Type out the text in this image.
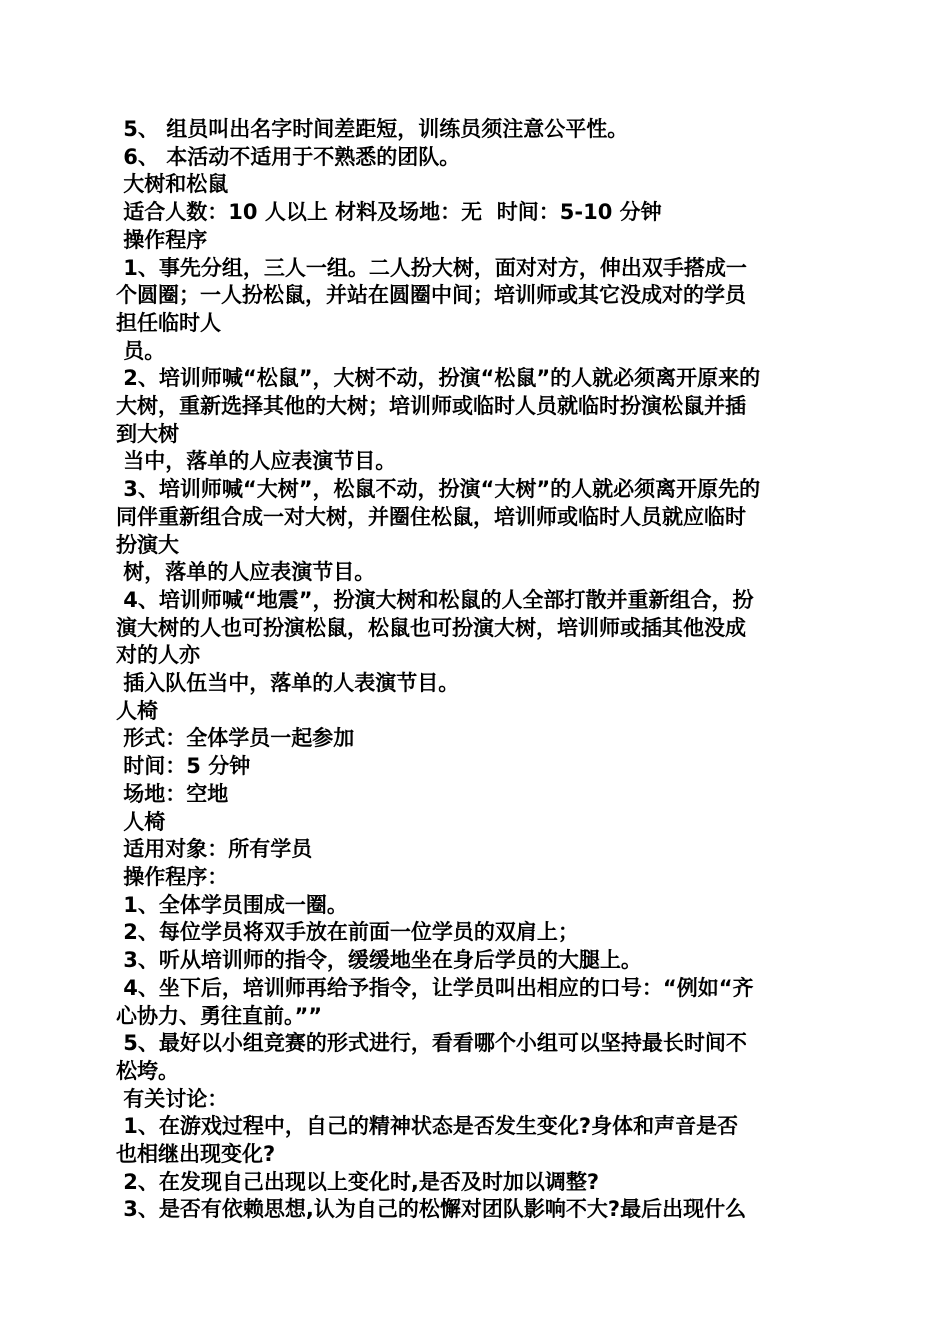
5、 组员叫出名字时间差距短，训练员须注意公平性。
6、 本活动不适用于不熟悉的团队。
大树和松鼠
适合人数：10 人以上 材料及场地：无  时间：5-10 分钟
操作程序
1、事先分组，三人一组。二人扮大树，面对对方，伸出双手搭成一
个圆圈；一人扮松鼠，并站在圆圈中间；培训师或其它没成对的学员
担任临时人
员。
2、培训师喊“松鼠”，大树不动，扮演“松鼠”的人就必须离开原来的
大树，重新选择其他的大树；培训师或临时人员就临时扮演松鼠并插
到大树
当中，落单的人应表演节目。
3、培训师喊“大树”，松鼠不动，扮演“大树”的人就必须离开原先的
同伴重新组合成一对大树，并圈住松鼠，培训师或临时人员就应临时
扮演大
树，落单的人应表演节目。
4、培训师喊“地震”，扮演大树和松鼠的人全部打散并重新组合，扮
演大树的人也可扮演松鼠，松鼠也可扮演大树，培训师或插其他没成
对的人亦
插入队伍当中，落单的人表演节目。
人椅
形式：全体学员一起参加
时间：5 分钟
场地：空地
人椅
适用对象：所有学员
操作程序：
1、全体学员围成一圈。
2、每位学员将双手放在前面一位学员的双肩上；
3、听从培训师的指令，缓缓地坐在身后学员的大腿上。
4、坐下后，培训师再给予指令，让学员叫出相应的口号：“例如“齐
心协力、勇往直前。””
5、最好以小组竞赛的形式进行，看看哪个小组可以坚持最长时间不
松垮。
有关讨论：
1、在游戏过程中，自己的精神状态是否发生变化?身体和声音是否
也相继出现变化?
2、在发现自己出现以上变化时,是否及时加以调整?
3、是否有依赖思想,认为自己的松懈对团队影响不大?最后出现什么
